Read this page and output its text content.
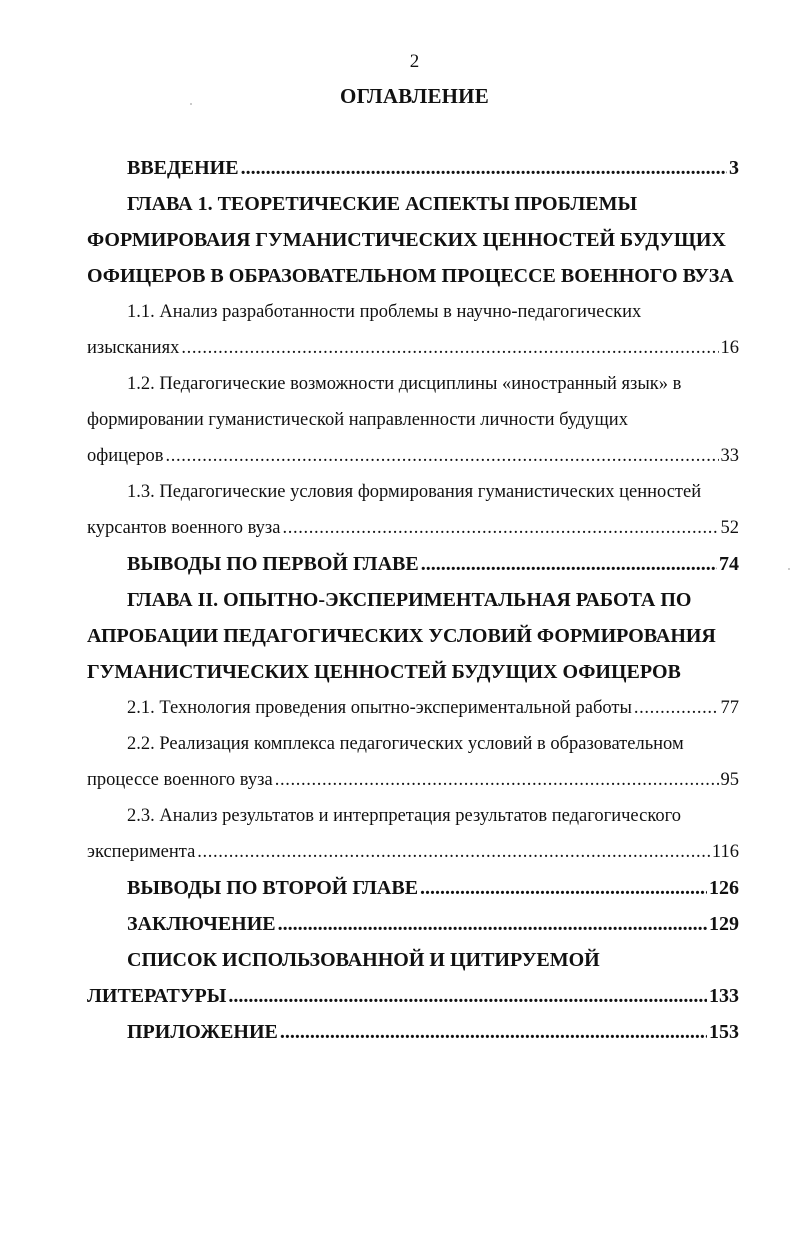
2
ОГЛАВЛЕНИЕ
ВВЕДЕНИЕ . . .	3
ГЛАВА 1. ТЕОРЕТИЧЕСКИЕ АСПЕКТЫ ПРОБЛЕМЫ
ФОРМИРОВАИЯ ГУМАНИСТИЧЕСКИХ ЦЕННОСТЕЙ БУДУЩИХ
ОФИЦЕРОВ В ОБРАЗОВАТЕЛЬНОМ ПРОЦЕССЕ ВОЕННОГО ВУЗА
1.1. Анализ разработанности проблемы в научно-педагогических
изысканиях . . .	16
1.2. Педагогические возможности дисциплины «иностранный язык» в
формировании гуманистической направленности личности будущих
офицеров . . .	33
1.3. Педагогические условия формирования гуманистических ценностей
курсантов военного вуза . . .	52
ВЫВОДЫ ПО ПЕРВОЙ ГЛАВЕ . . .	74
ГЛАВА II. ОПЫТНО-ЭКСПЕРИМЕНТАЛЬНАЯ РАБОТА ПО
АПРОБАЦИИ ПЕДАГОГИЧЕСКИХ УСЛОВИЙ ФОРМИРОВАНИЯ
ГУМАНИСТИЧЕСКИХ ЦЕННОСТЕЙ БУДУЩИХ ОФИЦЕРОВ
2.1. Технология проведения опытно-экспериментальной работы . . .	77
2.2. Реализация комплекса педагогических условий в образовательном
процессе военного вуза . . .	95
2.3. Анализ результатов и интерпретация результатов педагогического
эксперимента . . .	116
ВЫВОДЫ ПО ВТОРОЙ ГЛАВЕ . . .	126
ЗАКЛЮЧЕНИЕ . . .	129
СПИСОК ИСПОЛЬЗОВАННОЙ И ЦИТИРУЕМОЙ
ЛИТЕРАТУРЫ . . .	133
ПРИЛОЖЕНИЕ . . .	153
